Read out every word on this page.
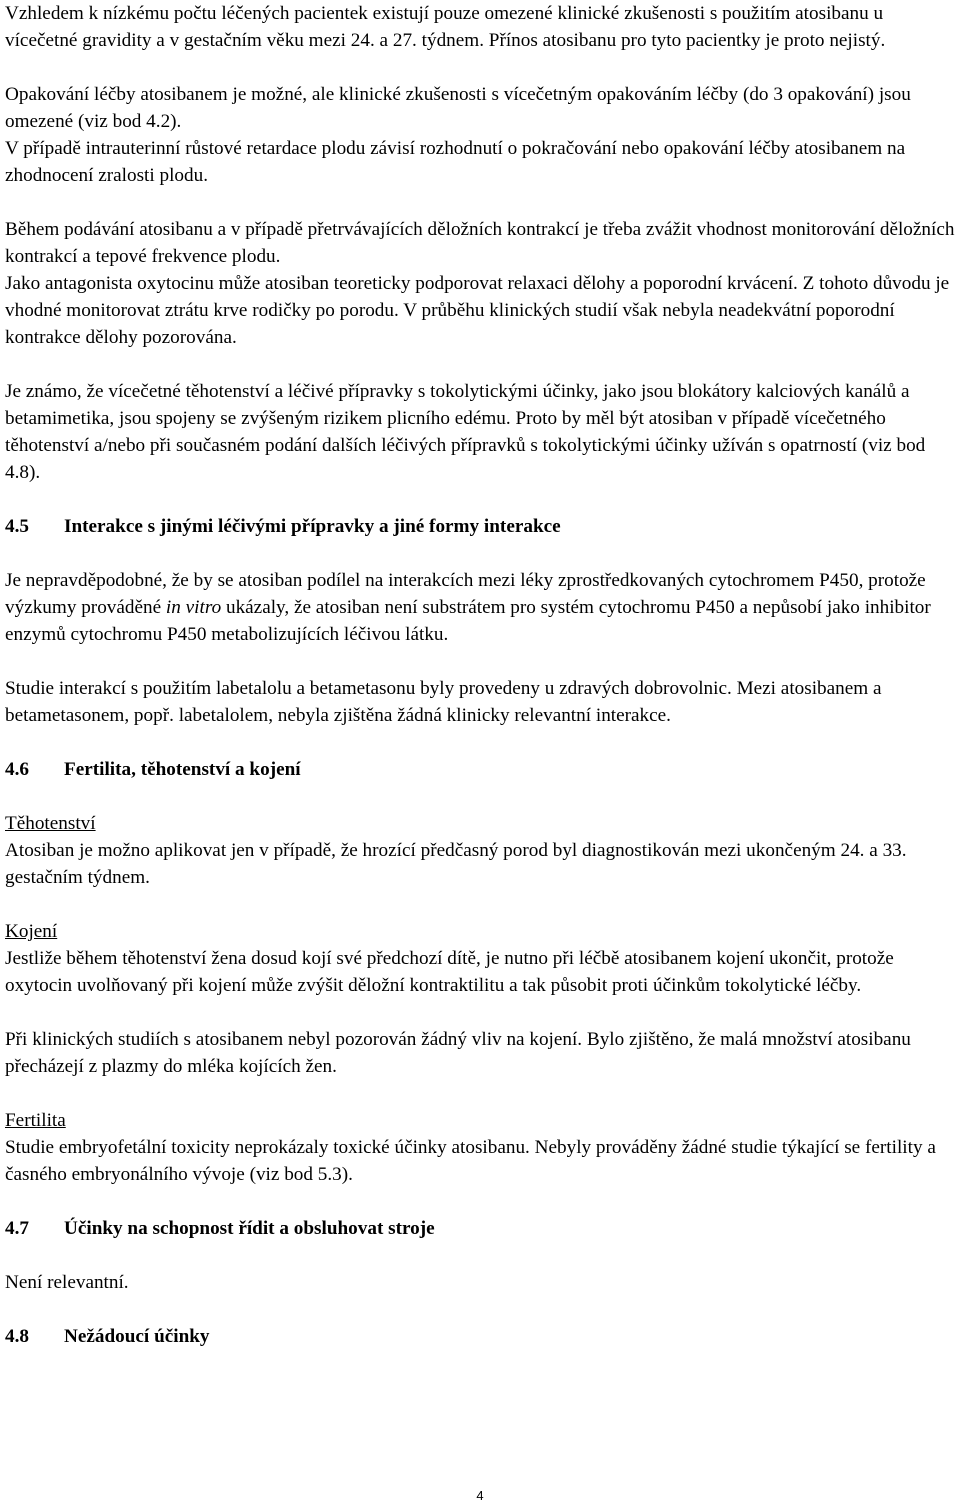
Vzhledem k nízkému počtu léčených pacientek existují pouze omezené klinické zkušenosti s použitím atosibanu u vícečetné gravidity a v gestačním věku mezi 24. a 27. týdnem. Přínos atosibanu pro tyto pacientky je proto nejistý.

Opakování léčby atosibanem je možné, ale klinické zkušenosti s vícečetným opakováním léčby (do 3 opakování) jsou omezené (viz bod 4.2).

V případě intrauterinní růstové retardace plodu závisí rozhodnutí o pokračování nebo opakování léčby atosibanem na zhodnocení zralosti plodu.

Během podávání atosibanu a v případě přetrvávajících děložních kontrakcí je třeba zvážit vhodnost monitorování děložních kontrakcí a tepové frekvence plodu.

Jako antagonista oxytocinu může atosiban teoreticky podporovat relaxaci dělohy a poporodní krvácení. Z tohoto důvodu je vhodné monitorovat ztrátu krve rodičky po porodu. V průběhu klinických studií však nebyla neadekvátní poporodní kontrakce dělohy pozorována.

Je známo, že vícečetné těhotenství a léčivé přípravky s tokolytickými účinky, jako jsou blokátory kalciových kanálů a betamimetika, jsou spojeny se zvýšeným rizikem plicního edému. Proto by měl být atosiban v případě vícečetného těhotenství a/nebo při současném podání dalších léčivých přípravků s tokolytickými účinky užíván s opatrností (viz bod 4.8).

4.5 Interakce s jinými léčivými přípravky a jiné formy interakce

Je nepravděpodobné, že by se atosiban podílel na interakcích mezi léky zprostředkovaných cytochromem P450, protože výzkumy prováděné in vitro ukázaly, že atosiban není substrátem pro systém cytochromu P450 a nepůsobí jako inhibitor enzymů cytochromu P450 metabolizujících léčivou látku.

Studie interakcí s použitím labetalolu a betametasonu byly provedeny u zdravých dobrovolnic. Mezi atosibanem a betametasonem, popř. labetalolem, nebyla zjištěna žádná klinicky relevantní interakce.

4.6 Fertilita, těhotenství a kojení

Těhotenství

Atosiban je možno aplikovat jen v případě, že hrozící předčasný porod byl diagnostikován mezi ukončeným 24. a 33. gestačním týdnem.

Kojení

Jestliže během těhotenství žena dosud kojí své předchozí dítě, je nutno při léčbě atosibanem kojení ukončit, protože oxytocin uvolňovaný při kojení může zvýšit děložní kontraktilitu a tak působit proti účinkům tokolytické léčby.

Při klinických studiích s atosibanem nebyl pozorován žádný vliv na kojení. Bylo zjištěno, že malá množství atosibanu přecházejí z plazmy do mléka kojících žen.

Fertilita

Studie embryofetální toxicity neprokázaly toxické účinky atosibanu. Nebyly prováděny žádné studie týkající se fertility a časného embryonálního vývoje (viz bod 5.3).

4.7 Účinky na schopnost řídit a obsluhovat stroje

Není relevantní.

4.8 Nežádoucí účinky
4
